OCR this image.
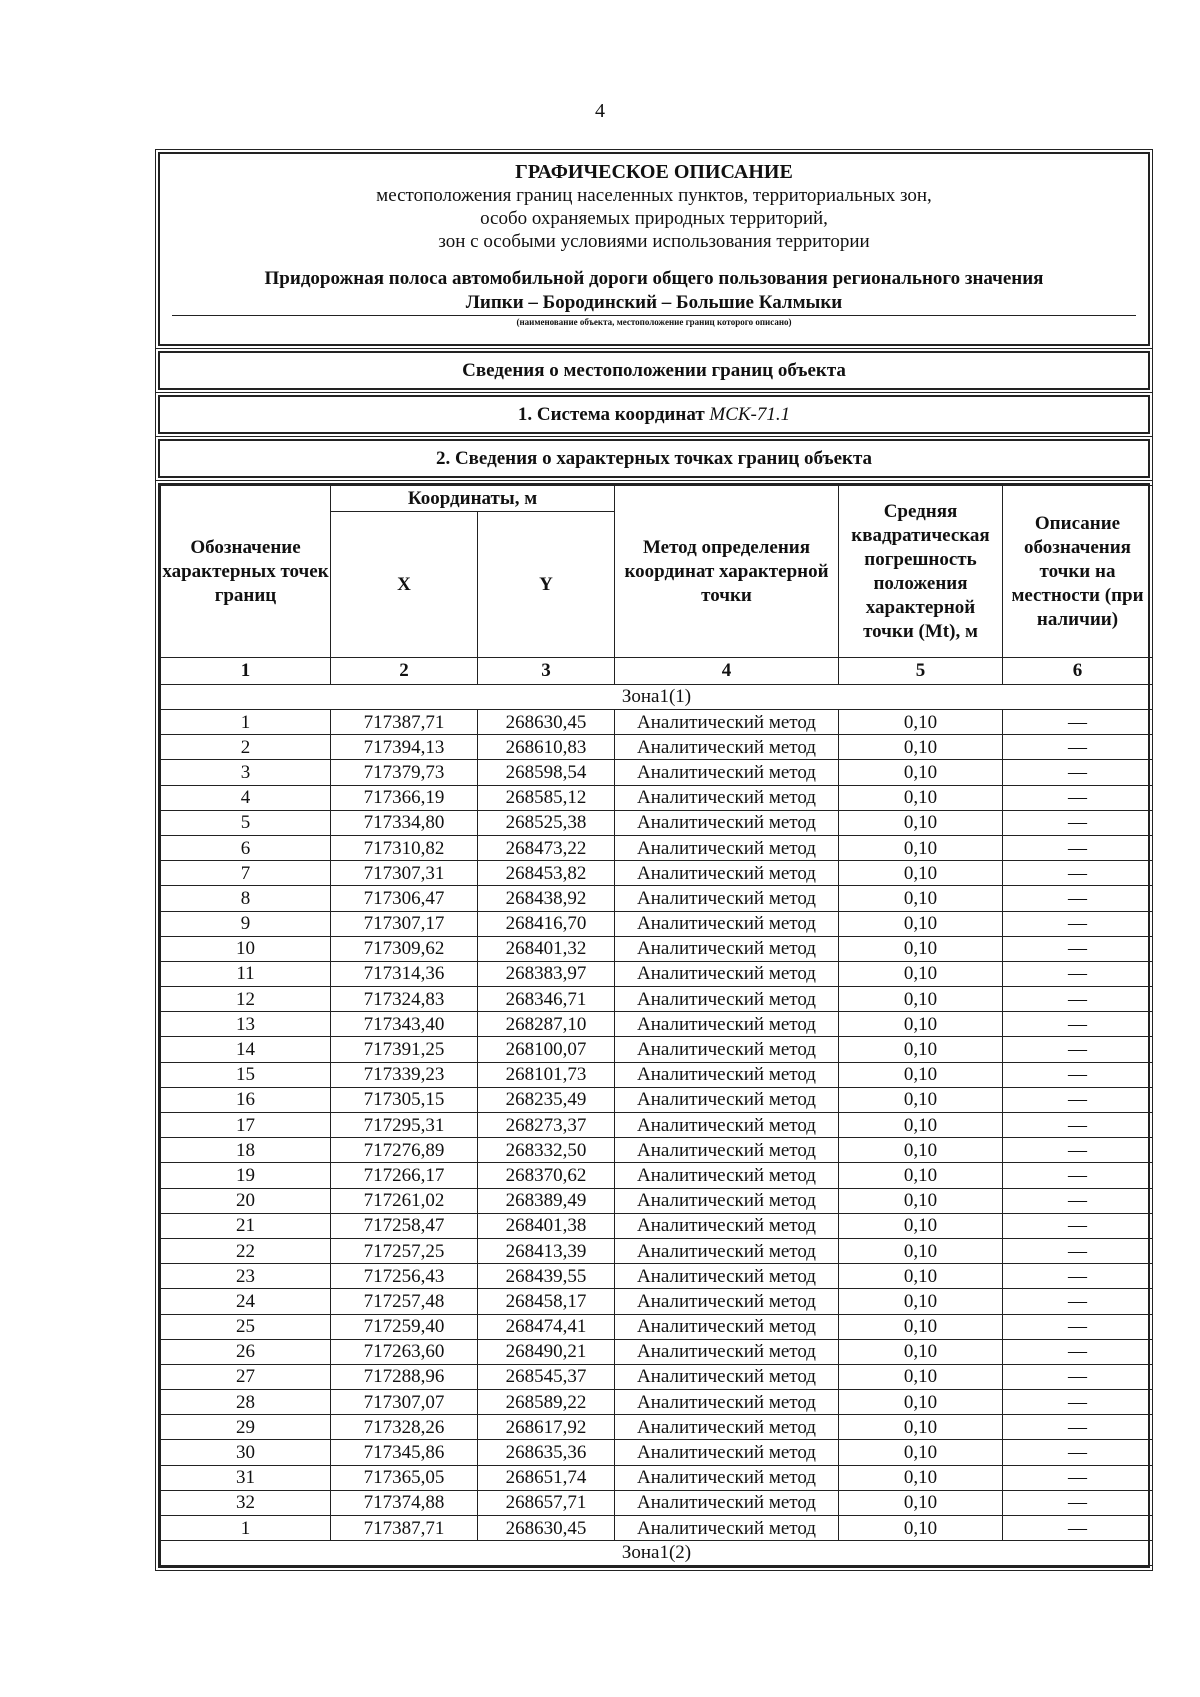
4
ГРАФИЧЕСКОЕ ОПИСАНИЕ
местоположения границ населенных пунктов, территориальных зон,
особо охраняемых природных территорий,
зон с особыми условиями использования территории
Придорожная полоса автомобильной дороги общего пользования регионального значения
Липки – Бородинский – Большие Калмыки
(наименование объекта, местоположение границ которого описано)
Сведения о местоположении границ объекта
1. Система координат МСК-71.1
2. Сведения о характерных точках границ объекта
Обозначение характерных точек границ	Координаты, м		Метод определения координат характерной точки	Средняя квадратическая погрешность положения характерной точки (Mt), м	Описание обозначения точки на местности (при наличии)
	X	Y			
1	2	3	4	5	6
Зона1(1)					
1	717387,71	268630,45	Аналитический метод	0,10	—
2	717394,13	268610,83	Аналитический метод	0,10	—
3	717379,73	268598,54	Аналитический метод	0,10	—
4	717366,19	268585,12	Аналитический метод	0,10	—
5	717334,80	268525,38	Аналитический метод	0,10	—
6	717310,82	268473,22	Аналитический метод	0,10	—
7	717307,31	268453,82	Аналитический метод	0,10	—
8	717306,47	268438,92	Аналитический метод	0,10	—
9	717307,17	268416,70	Аналитический метод	0,10	—
10	717309,62	268401,32	Аналитический метод	0,10	—
11	717314,36	268383,97	Аналитический метод	0,10	—
12	717324,83	268346,71	Аналитический метод	0,10	—
13	717343,40	268287,10	Аналитический метод	0,10	—
14	717391,25	268100,07	Аналитический метод	0,10	—
15	717339,23	268101,73	Аналитический метод	0,10	—
16	717305,15	268235,49	Аналитический метод	0,10	—
17	717295,31	268273,37	Аналитический метод	0,10	—
18	717276,89	268332,50	Аналитический метод	0,10	—
19	717266,17	268370,62	Аналитический метод	0,10	—
20	717261,02	268389,49	Аналитический метод	0,10	—
21	717258,47	268401,38	Аналитический метод	0,10	—
22	717257,25	268413,39	Аналитический метод	0,10	—
23	717256,43	268439,55	Аналитический метод	0,10	—
24	717257,48	268458,17	Аналитический метод	0,10	—
25	717259,40	268474,41	Аналитический метод	0,10	—
26	717263,60	268490,21	Аналитический метод	0,10	—
27	717288,96	268545,37	Аналитический метод	0,10	—
28	717307,07	268589,22	Аналитический метод	0,10	—
29	717328,26	268617,92	Аналитический метод	0,10	—
30	717345,86	268635,36	Аналитический метод	0,10	—
31	717365,05	268651,74	Аналитический метод	0,10	—
32	717374,88	268657,71	Аналитический метод	0,10	—
1	717387,71	268630,45	Аналитический метод	0,10	—
Зона1(2)					
